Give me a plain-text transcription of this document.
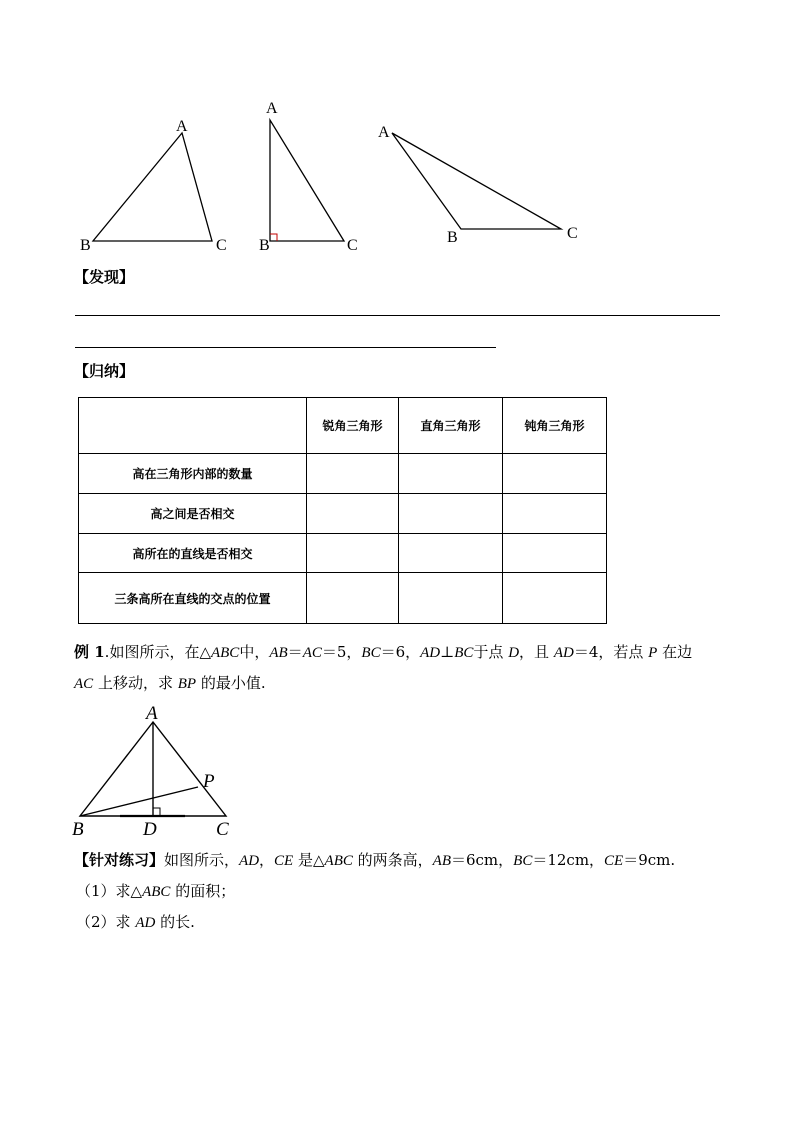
A
B	C
A
B	C
A
B	C
【发现】
【归纳】
	锐角三角形	直角三角形	钝角三角形
高在三角形内部的数量			
高之间是否相交			
高所在的直线是否相交			
三条高所在直线的交点的位置			
例 1.如图所示，在△ABC中，AB＝AC＝5，BC＝6，AD⊥BC于点 D，且 AD＝4，若点 P 在边
AC 上移动，求 BP 的最小值.
A
P
B	D	C
【针对练习】如图所示，AD，CE 是△ABC 的两条高，AB＝6cm，BC＝12cm，CE＝9cm.
（1）求△ABC 的面积；
（2）求 AD 的长.
